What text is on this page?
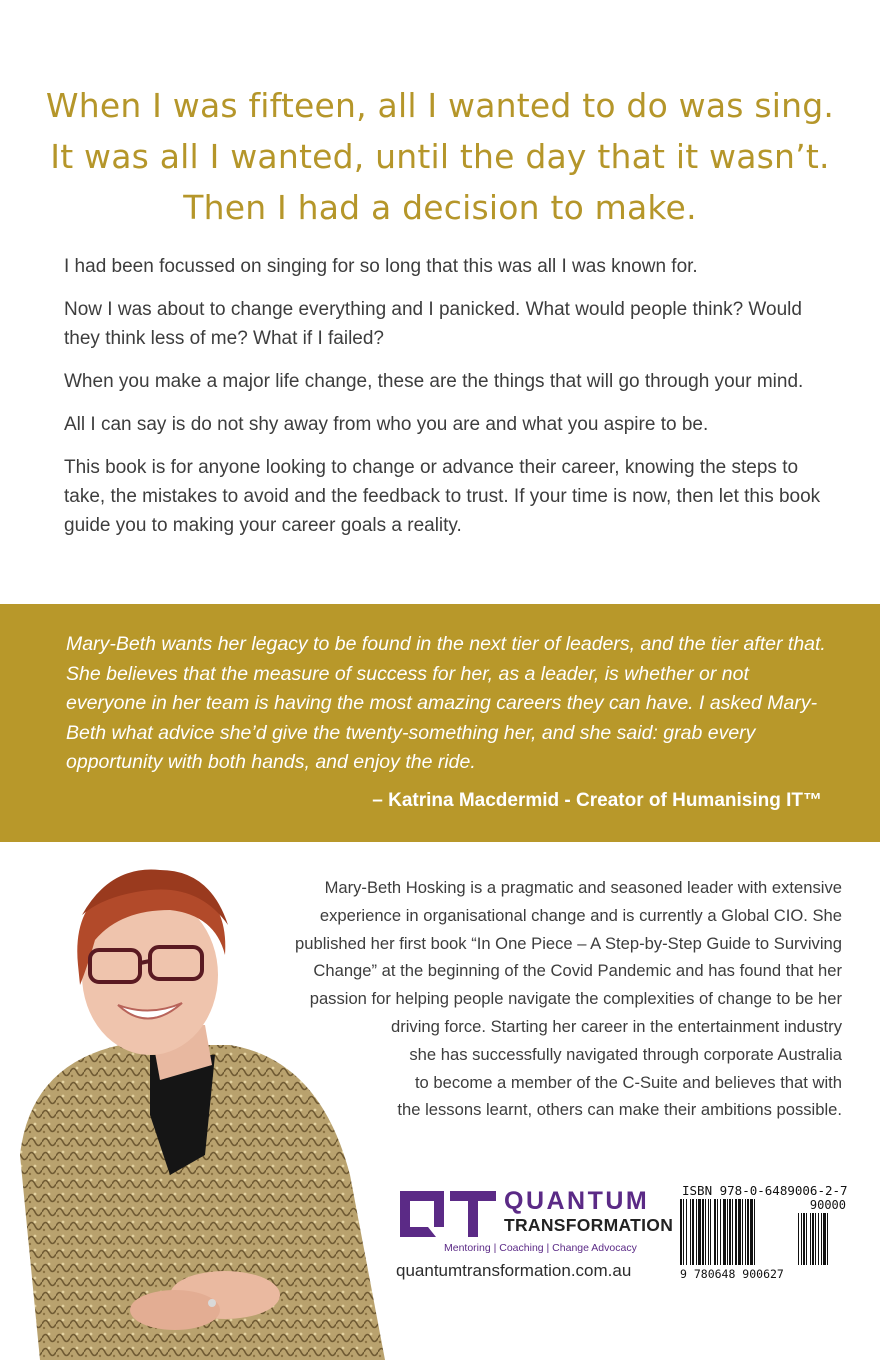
When I was fifteen, all I wanted to do was sing.
It was all I wanted, until the day that it wasn’t.
Then I had a decision to make.

I had been focussed on singing for so long that this was all I was known for.

Now I was about to change everything and I panicked. What would people think? Would they think less of me? What if I failed?

When you make a major life change, these are the things that will go through your mind.

All I can say is do not shy away from who you are and what you aspire to be.

This book is for anyone looking to change or advance their career, knowing the steps to take, the mistakes to avoid and the feedback to trust. If your time is now, then let this book guide you to making your career goals a reality.

Mary-Beth wants her legacy to be found in the next tier of leaders, and the tier after that. She believes that the measure of success for her, as a leader, is whether or not everyone in her team is having the most amazing careers they can have. I asked Mary-Beth what advice she’d give the twenty-something her, and she said: grab every opportunity with both hands, and enjoy the ride.
– Katrina Macdermid - Creator of Humanising IT™
Mary-Beth Hosking is a pragmatic and seasoned leader with extensive
experience in organisational change and is currently a Global CIO. She
published her first book “In One Piece – A Step-by-Step Guide to Surviving
Change” at the beginning of the Covid Pandemic and has found that her
passion for helping people navigate the complexities of change to be her
driving force. Starting her career in the entertainment industry
she has successfully navigated through corporate Australia
to become a member of the C-Suite and believes that with
the lessons learnt, others can make their ambitions possible.
QUANTUM
TRANSFORMATION
Mentoring | Coaching | Change Advocacy
quantumtransformation.com.au
ISBN 978-0-6489006-2-7
90000
9 780648 900627
